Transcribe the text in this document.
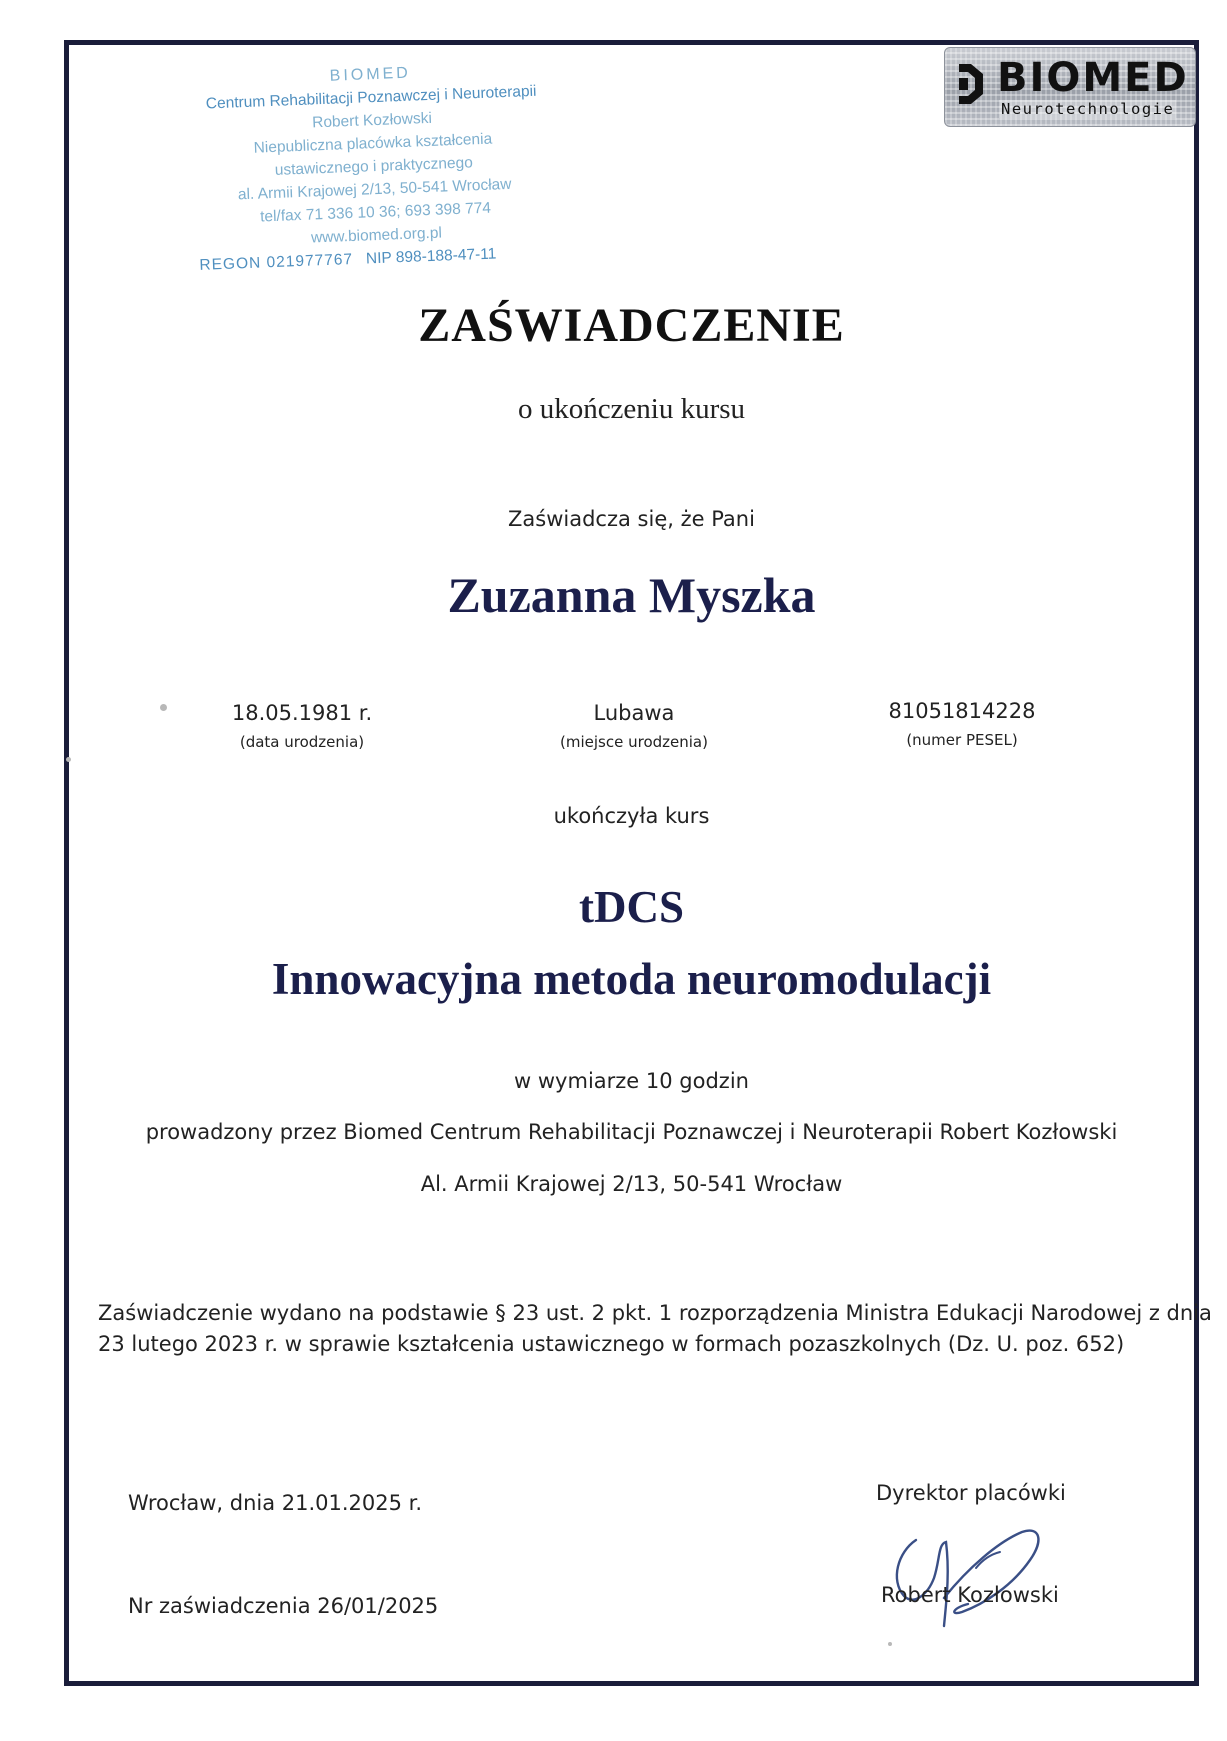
BIOMED
Centrum Rehabilitacji Poznawczej i Neuroterapii
Robert Kozłowski
Niepubliczna placówka kształcenia
ustawicznego i praktycznego
al. Armii Krajowej 2/13, 50-541 Wrocław
tel/fax 71 336 10 36; 693 398 774
www.biomed.org.pl
REGON 021977767 NIP 898-188-47-11
BIOMED
Neurotechnologie
ZAŚWIADCZENIE
o ukończeniu kursu
Zaświadcza się, że Pani
Zuzanna Myszka
18.05.1981 r.
(data urodzenia)
Lubawa
(miejsce urodzenia)
81051814228
(numer PESEL)
ukończyła kurs
tDCS
Innowacyjna metoda neuromodulacji
w wymiarze 10 godzin
prowadzony przez Biomed Centrum Rehabilitacji Poznawczej i Neuroterapii Robert Kozłowski
Al. Armii Krajowej 2/13, 50-541 Wrocław
Zaświadczenie wydano na podstawie § 23 ust. 2 pkt. 1 rozporządzenia Ministra Edukacji Narodowej z dnia
23 lutego 2023 r. w sprawie kształcenia ustawicznego w formach pozaszkolnych (Dz. U. poz. 652)
Wrocław, dnia 21.01.2025 r.
Nr zaświadczenia 26/01/2025
Dyrektor placówki
Robert Kozłowski
